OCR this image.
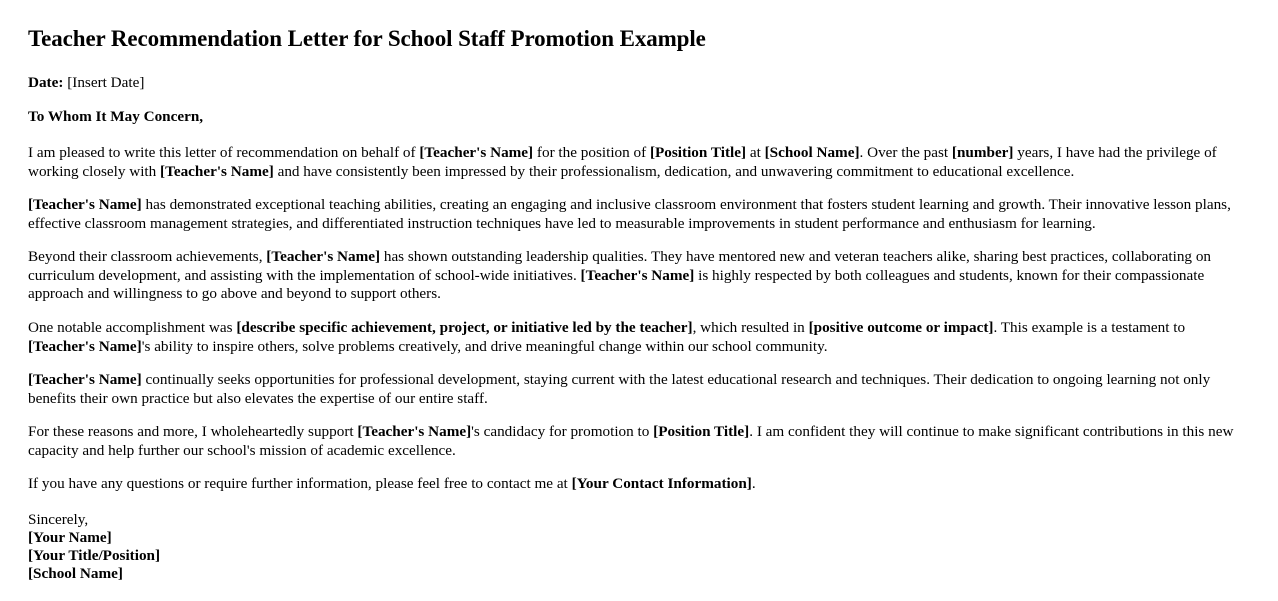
Teacher Recommendation Letter for School Staff Promotion Example

Date: [Insert Date]

To Whom It May Concern,

I am pleased to write this letter of recommendation on behalf of [Teacher's Name] for the position of [Position Title] at [School Name]. Over the past [number] years, I have had the privilege of working closely with [Teacher's Name] and have consistently been impressed by their professionalism, dedication, and unwavering commitment to educational excellence.

[Teacher's Name] has demonstrated exceptional teaching abilities, creating an engaging and inclusive classroom environment that fosters student learning and growth. Their innovative lesson plans, effective classroom management strategies, and differentiated instruction techniques have led to measurable improvements in student performance and enthusiasm for learning.

Beyond their classroom achievements, [Teacher's Name] has shown outstanding leadership qualities. They have mentored new and veteran teachers alike, sharing best practices, collaborating on curriculum development, and assisting with the implementation of school-wide initiatives. [Teacher's Name] is highly respected by both colleagues and students, known for their compassionate approach and willingness to go above and beyond to support others.

One notable accomplishment was [describe specific achievement, project, or initiative led by the teacher], which resulted in [positive outcome or impact]. This example is a testament to [Teacher's Name]'s ability to inspire others, solve problems creatively, and drive meaningful change within our school community.

[Teacher's Name] continually seeks opportunities for professional development, staying current with the latest educational research and techniques. Their dedication to ongoing learning not only benefits their own practice but also elevates the expertise of our entire staff.

For these reasons and more, I wholeheartedly support [Teacher's Name]'s candidacy for promotion to [Position Title]. I am confident they will continue to make significant contributions in this new capacity and help further our school's mission of academic excellence.

If you have any questions or require further information, please feel free to contact me at [Your Contact Information].

Sincerely,
[Your Name]
[Your Title/Position]
[School Name]
